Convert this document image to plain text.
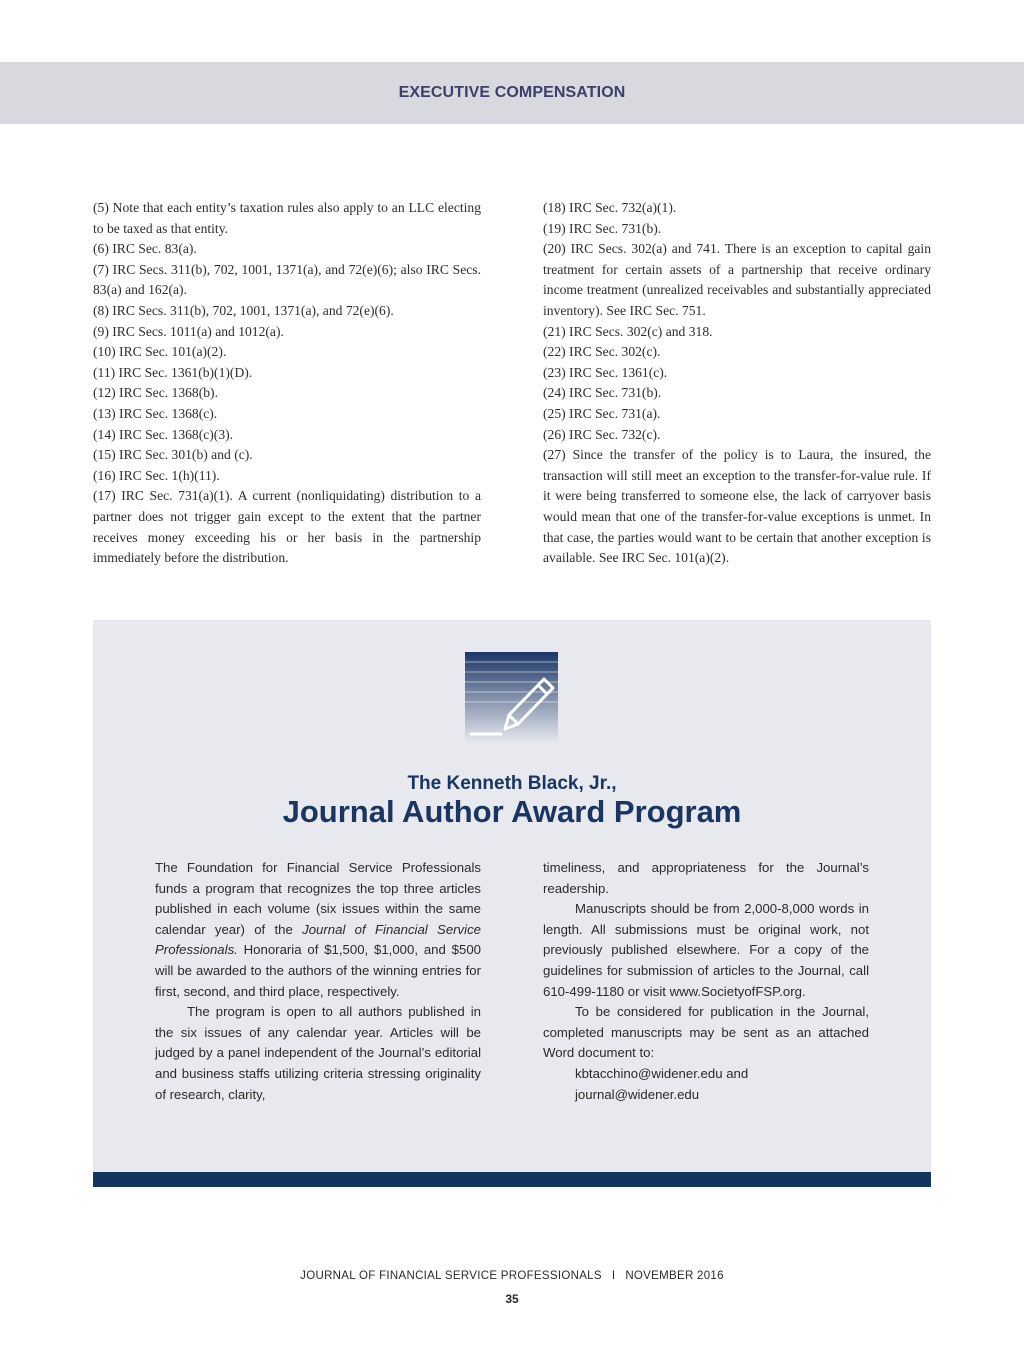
EXECUTIVE COMPENSATION

(5) Note that each entity’s taxation rules also apply to an LLC electing to be taxed as that entity.

(6) IRC Sec. 83(a).

(7) IRC Secs. 311(b), 702, 1001, 1371(a), and 72(e)(6); also IRC Secs. 83(a) and 162(a).

(8) IRC Secs. 311(b), 702, 1001, 1371(a), and 72(e)(6).

(9) IRC Secs. 1011(a) and 1012(a).

(10) IRC Sec. 101(a)(2).

(11) IRC Sec. 1361(b)(1)(D).

(12) IRC Sec. 1368(b).

(13) IRC Sec. 1368(c).

(14) IRC Sec. 1368(c)(3).

(15) IRC Sec. 301(b) and (c).

(16) IRC Sec. 1(h)(11).

(17) IRC Sec. 731(a)(1). A current (nonliquidating) distribution to a partner does not trigger gain except to the extent that the partner receives money exceeding his or her basis in the partnership immediately before the distribution.

(18) IRC Sec. 732(a)(1).

(19) IRC Sec. 731(b).

(20) IRC Secs. 302(a) and 741. There is an exception to capital gain treatment for certain assets of a partnership that receive ordinary income treatment (unrealized receivables and substantially appreciated inventory). See IRC Sec. 751.

(21) IRC Secs. 302(c) and 318.

(22) IRC Sec. 302(c).

(23) IRC Sec. 1361(c).

(24) IRC Sec. 731(b).

(25) IRC Sec. 731(a).

(26) IRC Sec. 732(c).

(27) Since the transfer of the policy is to Laura, the insured, the transaction will still meet an exception to the transfer-for-value rule. If it were being transferred to someone else, the lack of carryover basis would mean that one of the transfer-for-value exceptions is unmet. In that case, the parties would want to be certain that another exception is available. See IRC Sec. 101(a)(2).

The Kenneth Black, Jr.,
Journal Author Award Program

The Foundation for Financial Service Professionals funds a program that recognizes the top three articles published in each volume (six issues within the same calendar year) of the Journal of Financial Service Professionals. Honoraria of $1,500, $1,000, and $500 will be awarded to the authors of the winning entries for first, second, and third place, respectively.

The program is open to all authors published in the six issues of any calendar year. Articles will be judged by a panel independent of the Journal’s editorial and business staffs utilizing criteria stressing originality of research, clarity,

timeliness, and appropriateness for the Journal’s readership.

Manuscripts should be from 2,000-8,000 words in length. All submissions must be original work, not previously published elsewhere. For a copy of the guidelines for submission of articles to the Journal, call 610-499-1180 or visit www.SocietyofFSP.org.

To be considered for publication in the Journal, completed manuscripts may be sent as an attached Word document to:

kbtacchino@widener.edu and
journal@widener.edu
JOURNAL OF FINANCIAL SERVICE PROFESSIONALS I NOVEMBER 2016
35
